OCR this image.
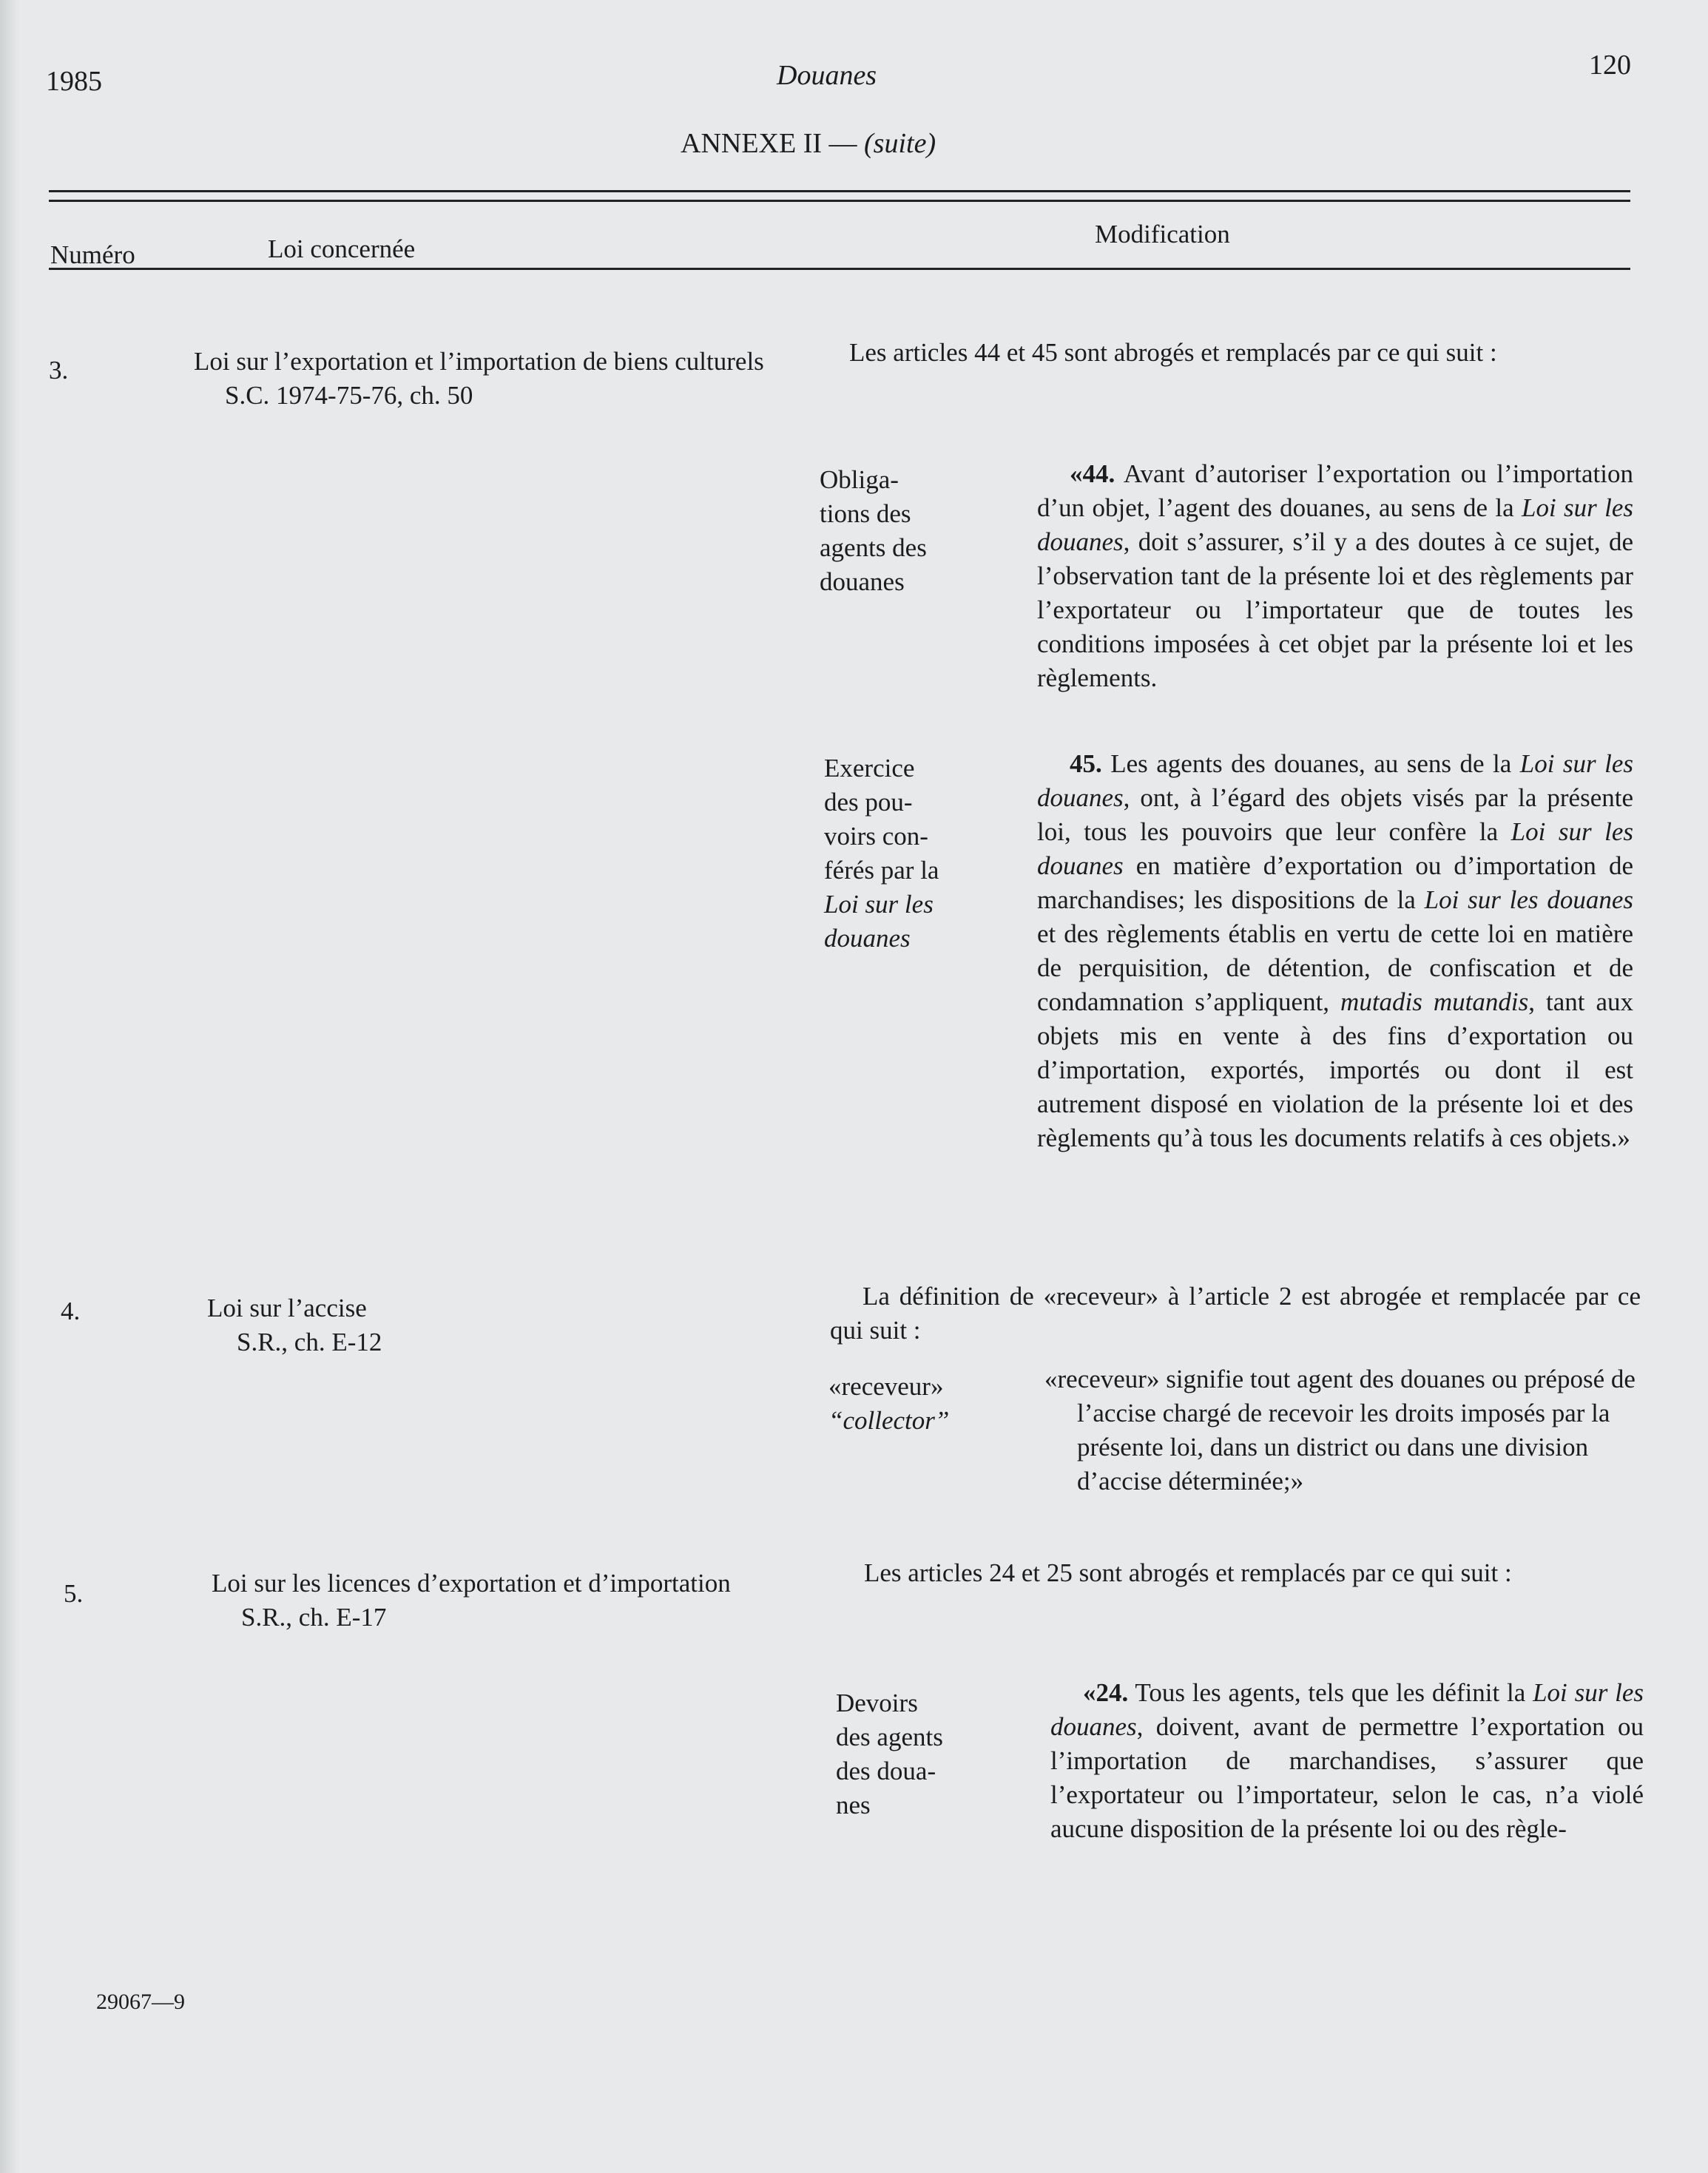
1985	Douanes	120
ANNEXE II — (suite)
Numéro	Loi concernée
Modification
3.	Loi sur l’exportation et l’importation de biens culturels
S.C. 1974-75-76, ch. 50
Les articles 44 et 45 sont abrogés et remplacés par ce qui suit :
Obliga-
tions des
agents des
douanes
«44. Avant d’autoriser l’exportation ou l’importation d’un objet, l’agent des douanes, au sens de la Loi sur les douanes, doit s’assurer, s’il y a des doutes à ce sujet, de l’observation tant de la présente loi et des règlements par l’exportateur ou l’importateur que de toutes les conditions imposées à cet objet par la présente loi et les règlements.
Exercice
des pou-
voirs con-
férés par la
Loi sur les
douanes
45. Les agents des douanes, au sens de la Loi sur les douanes, ont, à l’égard des objets visés par la présente loi, tous les pouvoirs que leur confère la Loi sur les douanes en matière d’exportation ou d’importation de marchandises; les dispositions de la Loi sur les douanes et des règlements établis en vertu de cette loi en matière de perquisition, de détention, de confiscation et de condamnation s’appliquent, mutadis mutandis, tant aux objets mis en vente à des fins d’exportation ou d’importation, exportés, importés ou dont il est autrement disposé en violation de la présente loi et des règlements qu’à tous les documents relatifs à ces objets.»
4.	Loi sur l’accise
S.R., ch. E-12
La définition de «receveur» à l’article 2 est abrogée et remplacée par ce qui suit :
«receveur»
“collector”
«receveur» signifie tout agent des douanes ou préposé de l’accise chargé de recevoir les droits imposés par la présente loi, dans un district ou dans une division d’accise déterminée;»
5.	Loi sur les licences d’exportation et d’importation
S.R., ch. E-17
Les articles 24 et 25 sont abrogés et remplacés par ce qui suit :
Devoirs
des agents
des doua-
nes
«24. Tous les agents, tels que les définit la Loi sur les douanes, doivent, avant de permettre l’exportation ou l’importation de marchandises, s’assurer que l’exportateur ou l’importateur, selon le cas, n’a violé aucune disposition de la présente loi ou des règle-
29067—9
